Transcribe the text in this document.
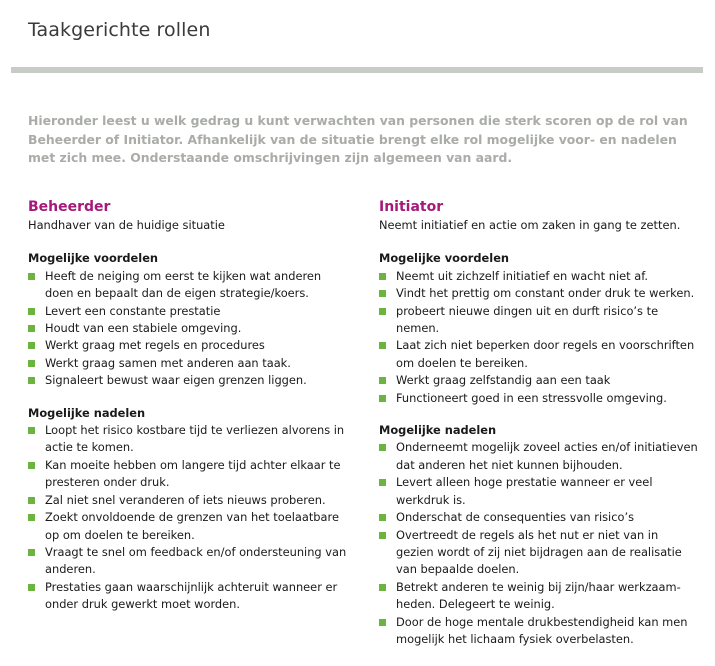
Taakgerichte rollen
Hieronder leest u welk gedrag u kunt verwachten van personen die sterk scoren op de rol van Beheerder of Initiator. Afhankelijk van de situatie brengt elke rol mogelijke voor- en nadelen met zich mee. Onderstaande omschrijvingen zijn algemeen van aard.
Beheerder
Handhaver van de huidige situatie
Mogelijke voordelen
Heeft de neiging om eerst te kijken wat anderen doen en bepaalt dan de eigen strategie/koers.
Levert een constante prestatie
Houdt van een stabiele omgeving.
Werkt graag met regels en procedures
Werkt graag samen met anderen aan taak.
Signaleert bewust waar eigen grenzen liggen.
Mogelijke nadelen
Loopt het risico kostbare tijd te verliezen alvorens in actie te komen.
Kan moeite hebben om langere tijd achter elkaar te presteren onder druk.
Zal niet snel veranderen of iets nieuws proberen.
Zoekt onvoldoende de grenzen van het toelaatbare op om doelen te bereiken.
Vraagt te snel om feedback en/of ondersteuning van anderen.
Prestaties gaan waarschijnlijk achteruit wanneer er onder druk gewerkt moet worden.
Initiator
Neemt initiatief en actie om zaken in gang te zetten.
Mogelijke voordelen
Neemt uit zichzelf initiatief en wacht niet af.
Vindt het prettig om constant onder druk te werken.
probeert nieuwe dingen uit en durft risico’s te nemen.
Laat zich niet beperken door regels en voorschriften om doelen te bereiken.
Werkt graag zelfstandig aan een taak
Functioneert goed in een stressvolle omgeving.
Mogelijke nadelen
Onderneemt mogelijk zoveel acties en/of initiatieven dat anderen het niet kunnen bijhouden.
Levert alleen hoge prestatie wanneer er veel werkdruk is.
Onderschat de consequenties van risico’s
Overtreedt de regels als het nut er niet van in gezien wordt of zij niet bijdragen aan de realisatie van bepaalde doelen.
Betrekt anderen te weinig bij zijn/haar werkzaam-heden. Delegeert te weinig.
Door de hoge mentale drukbestendigheid kan men mogelijk het lichaam fysiek overbelasten.
